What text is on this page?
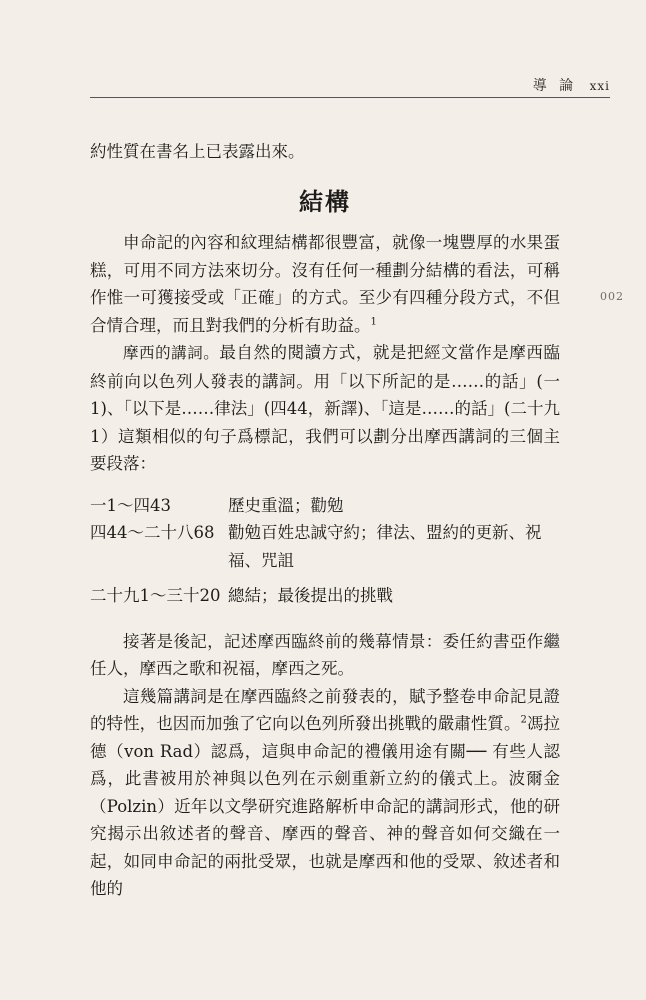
導 論 xxi
002

約性質在書名上已表露出來。

結構

申命記的內容和紋理結構都很豐富，就像一塊豐厚的水果蛋糕，可用不同方法來切分。沒有任何一種劃分結構的看法，可稱作惟一可獲接受或「正確」的方式。至少有四種分段方式，不但合情合理，而且對我們的分析有助益。$^1$

摩西的講詞。最自然的閱讀方式，就是把經文當作是摩西臨終前向以色列人發表的講詞。用「以下所記的是……的話」(一1)、「以下是……律法」(四44，新譯)、「這是……的話」(二十九1）這類相似的句子爲標記，我們可以劃分出摩西講詞的三個主要段落：

一1～四43	歷史重溫；勸勉
四44～二十八68 勸勉百姓忠誠守約；律法、盟約的更新、祝福、咒詛
二十九1～三十20 總結；最後提出的挑戰

接著是後記，記述摩西臨終前的幾幕情景：委任約書亞作繼任人，摩西之歌和祝福，摩西之死。

這幾篇講詞是在摩西臨終之前發表的，賦予整卷申命記見證的特性，也因而加強了它向以色列所發出挑戰的嚴肅性質。$^2$馮拉德（von Rad）認爲，這與申命記的禮儀用途有關── 有些人認爲，此書被用於神與以色列在示劍重新立約的儀式上。波爾金（Polzin）近年以文學研究進路解析申命記的講詞形式，他的研究揭示出敘述者的聲音、摩西的聲音、神的聲音如何交織在一起，如同申命記的兩批受眾，也就是摩西和他的受眾、敘述者和他的
